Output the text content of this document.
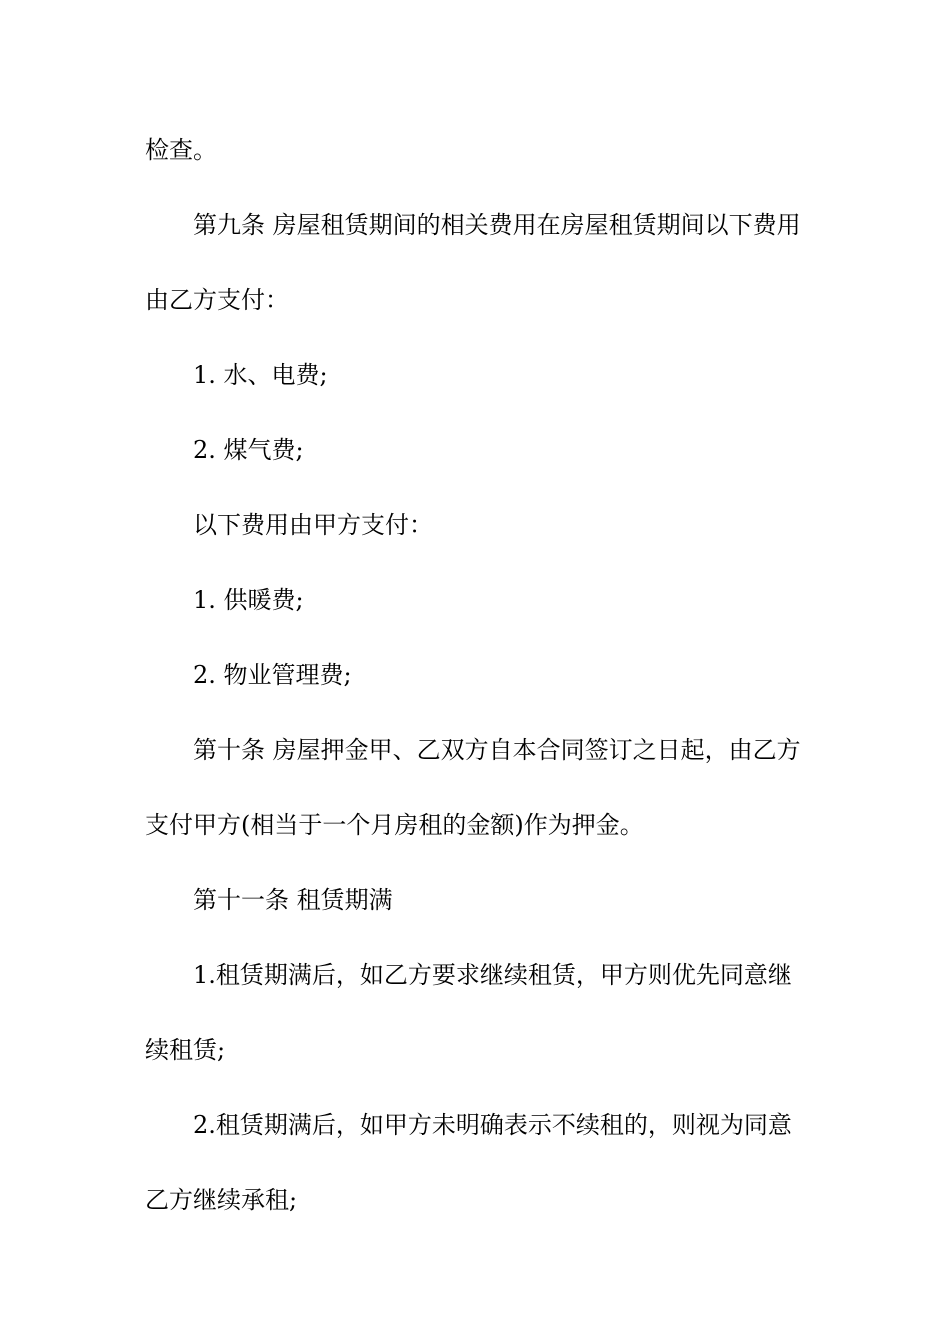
检查。
第九条 房屋租赁期间的相关费用在房屋租赁期间以下费用
由乙方支付：
1. 水、电费;
2. 煤气费;
以下费用由甲方支付：
1. 供暖费;
2. 物业管理费;
第十条 房屋押金甲、乙双方自本合同签订之日起，由乙方
支付甲方(相当于一个月房租的金额)作为押金。
第十一条 租赁期满
1.租赁期满后，如乙方要求继续租赁，甲方则优先同意继
续租赁;
2.租赁期满后，如甲方未明确表示不续租的，则视为同意
乙方继续承租;
